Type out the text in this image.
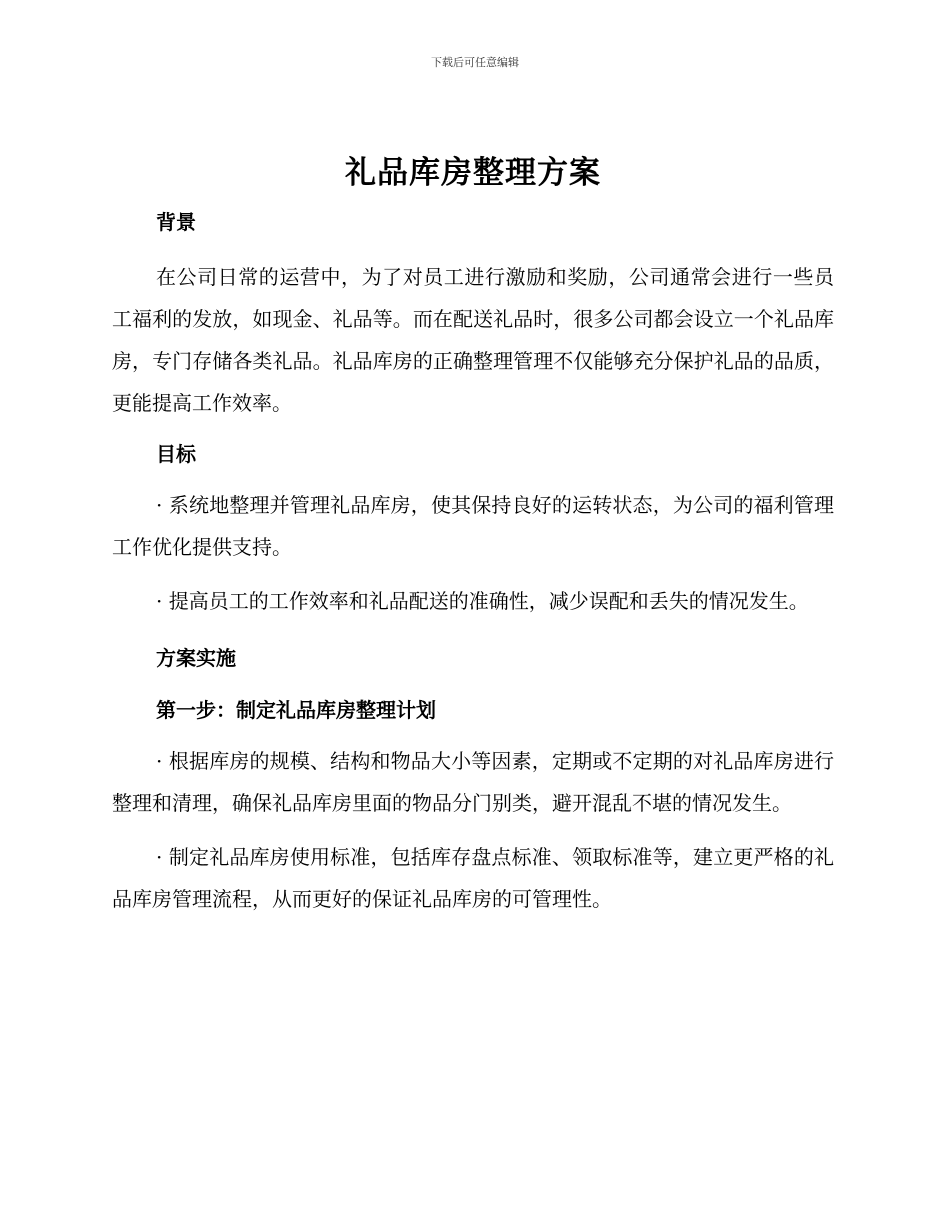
下载后可任意编辑
礼品库房整理方案
背景

在公司日常的运营中，为了对员工进行激励和奖励，公司通常会进行一些员工福利的发放，如现金、礼品等。而在配送礼品时，很多公司都会设立一个礼品库房，专门存储各类礼品。礼品库房的正确整理管理不仅能够充分保护礼品的品质，更能提高工作效率。

目标

· 系统地整理并管理礼品库房，使其保持良好的运转状态，为公司的福利管理工作优化提供支持。

· 提高员工的工作效率和礼品配送的准确性，减少误配和丢失的情况发生。

方案实施
第一步：制定礼品库房整理计划

· 根据库房的规模、结构和物品大小等因素，定期或不定期的对礼品库房进行整理和清理，确保礼品库房里面的物品分门别类，避开混乱不堪的情况发生。

· 制定礼品库房使用标准，包括库存盘点标准、领取标准等，建立更严格的礼品库房管理流程，从而更好的保证礼品库房的可管理性。
